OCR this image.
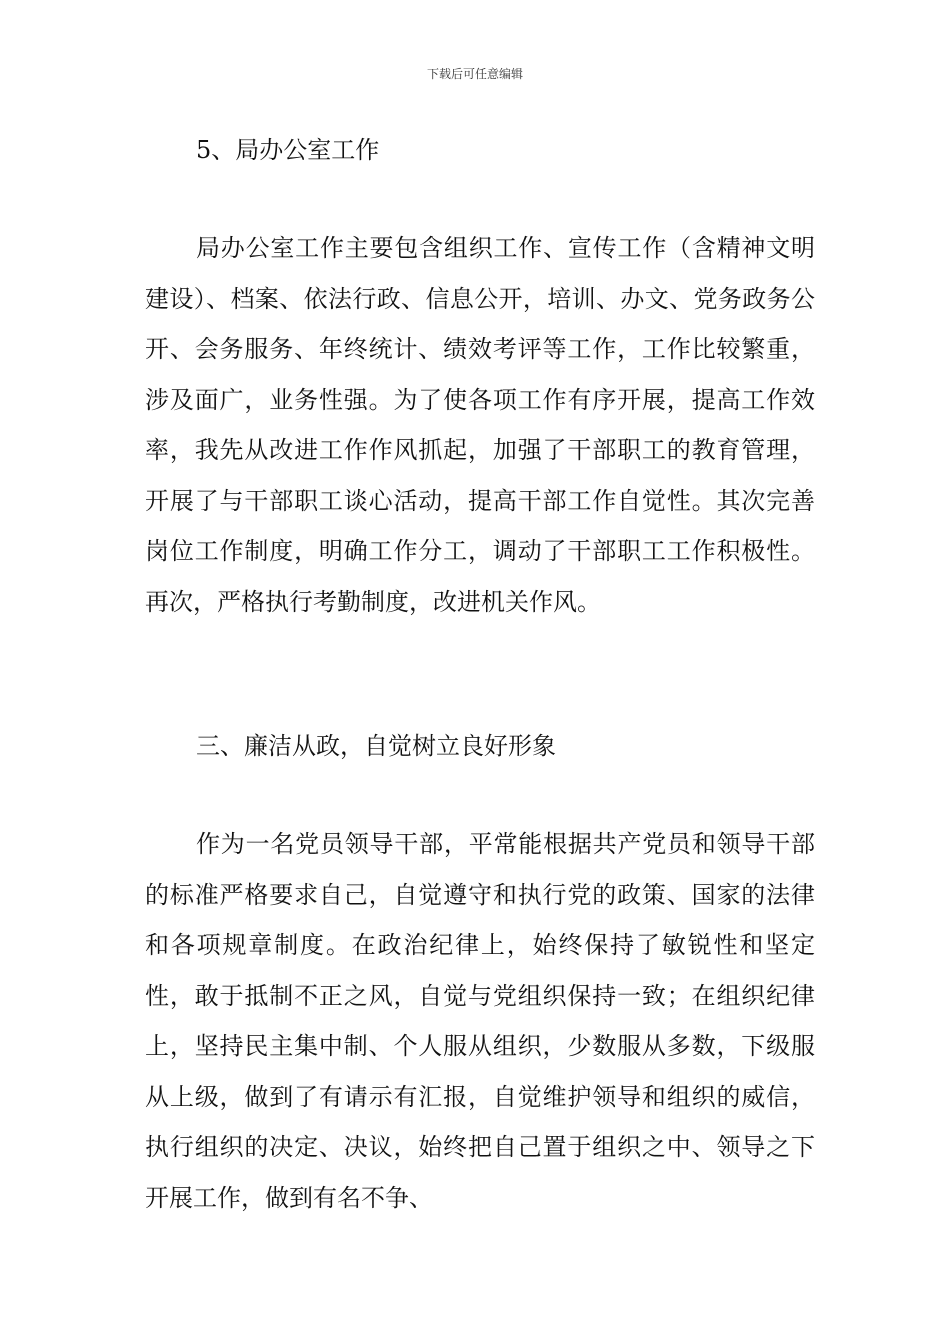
下载后可任意编辑
5、局办公室工作
局办公室工作主要包含组织工作、宣传工作（含精神文明建设）、档案、依法行政、信息公开，培训、办文、党务政务公开、会务服务、年终统计、绩效考评等工作，工作比较繁重，涉及面广，业务性强。为了使各项工作有序开展，提高工作效率，我先从改进工作作风抓起，加强了干部职工的教育管理，开展了与干部职工谈心活动，提高干部工作自觉性。其次完善岗位工作制度，明确工作分工，调动了干部职工工作积极性。再次，严格执行考勤制度，改进机关作风。
三、廉洁从政，自觉树立良好形象
作为一名党员领导干部，平常能根据共产党员和领导干部的标准严格要求自己，自觉遵守和执行党的政策、国家的法律和各项规章制度。在政治纪律上，始终保持了敏锐性和坚定性，敢于抵制不正之风，自觉与党组织保持一致；在组织纪律上，坚持民主集中制、个人服从组织，少数服从多数，下级服从上级，做到了有请示有汇报，自觉维护领导和组织的威信，执行组织的决定、决议，始终把自己置于组织之中、领导之下开展工作，做到有名不争、
